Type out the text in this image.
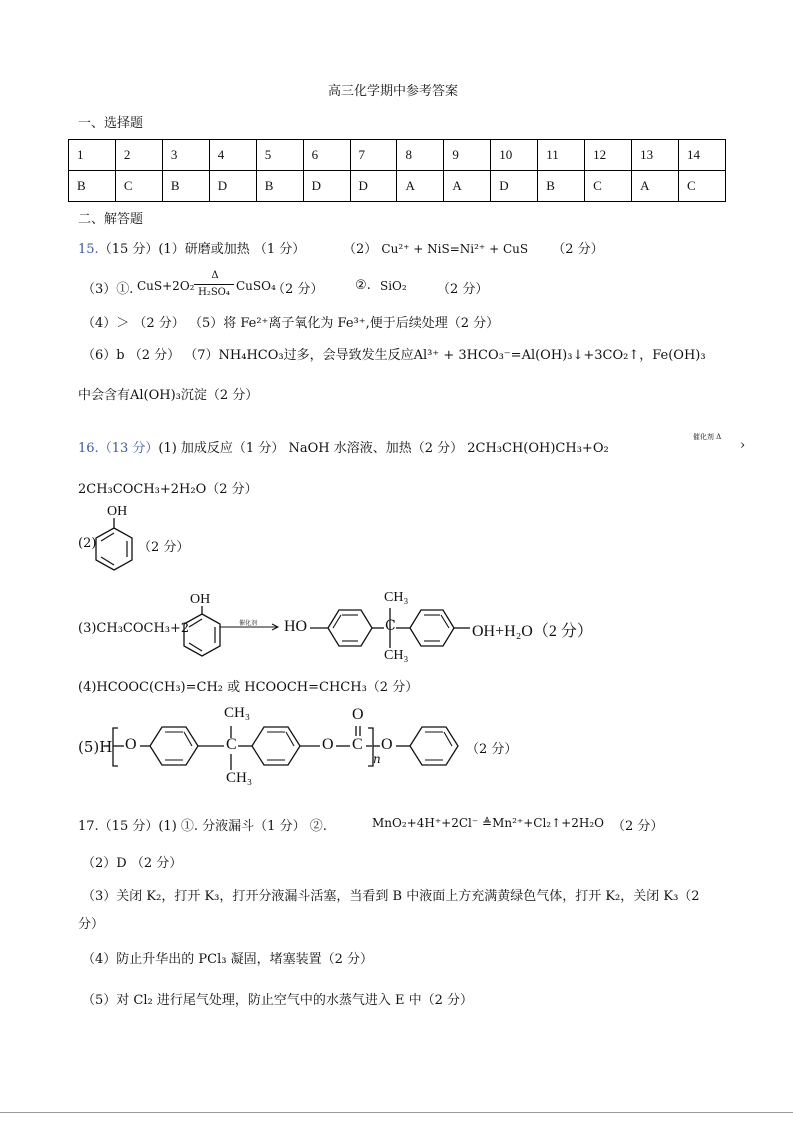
高三化学期中参考答案
一、选择题
1	2	3	4	5	6	7	8	9	10	11	12	13	14
B	C	B	D	B	D	D	A	A	D	B	C	A	C
二、解答题
15.（15 分）(1）研磨或加热 （1 分）	（2） Cu²⁺ + NiS=Ni²⁺ + CuS （2 分）
（3）①. CuS+2O₂
Δ
H₂SO₄ CuSO₄
（2 分） ②. SiO₂ （2 分）
（4）＞ （2 分） （5）将 Fe²⁺离子氧化为 Fe³⁺,便于后续处理（2 分）
（6）b （2 分） （7）NH₄HCO₃过多，会导致发生反应Al³⁺ + 3HCO₃⁻=Al(OH)₃↓+3CO₂↑，Fe(OH)₃
中会含有Al(OH)₃沉淀（2 分）
16.（13 分）(1) 加成反应（1 分） NaOH 水溶液、加热（2 分） 2CH₃CH(OH)CH₃+O₂
催化剂 Δ
›
2CH₃COCH₃+2H₂O（2 分）
(2)
OH
（2 分）
(3)CH₃COCH₃+2
OH
催化剂	HO
CH₃
CH₃
C	OH+H₂O（2 分）
(4)HCOOC(CH₃)=CH₂ 或 HCOOCH=CHCH₃（2 分）
(5)H
CH₃
CH₃
O	O
O
C
C
n
O	（2 分）
17.（15 分）(1) ①. 分液漏斗（1 分） ②.	MnO₂+4H⁺+2Cl⁻ ≜Mn²⁺+Cl₂↑+2H₂O （2 分）
（2）D （2 分）
（3）关闭 K₂，打开 K₃，打开分液漏斗活塞，当看到 B 中液面上方充满黄绿色气体，打开 K₂，关闭 K₃（2
分）
（4）防止升华出的 PCl₃ 凝固，堵塞装置（2 分）
（5）对 Cl₂ 进行尾气处理，防止空气中的水蒸气进入 E 中（2 分）
